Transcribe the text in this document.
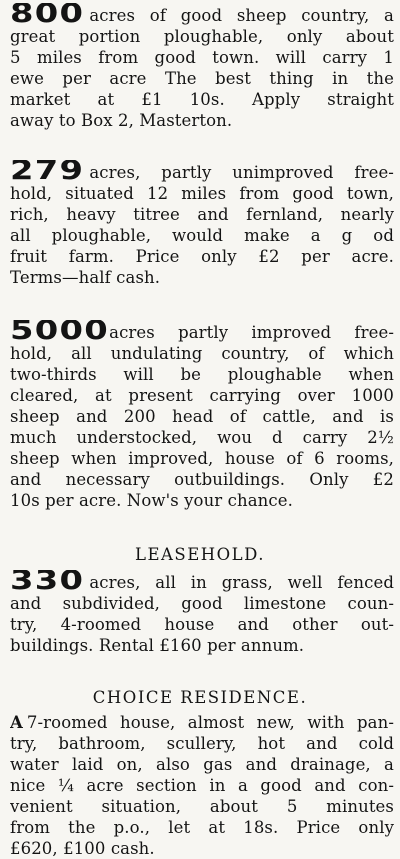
800 acres of good sheep country, a
great portion ploughable, only about
5 miles from good town. will carry 1
ewe per acre The best thing in the
market at £1 10s. Apply straight
away to Box 2, Masterton.
279 acres, partly unimproved free-
hold, situated 12 miles from good town,
rich, heavy titree and fernland, nearly
all ploughable, would make a g od
fruit farm. Price only £2 per acre.
Terms—half cash.
5000acres partly improved free-
hold, all undulating country, of which
two-thirds will be ploughable when
cleared, at present carrying over 1000
sheep and 200 head of cattle, and is
much understocked, wou d carry 2½
sheep when improved, house of 6 rooms,
and necessary outbuildings. Only £2
10s per acre. Now's your chance.
LEASEHOLD.
330 acres, all in grass, well fenced
and subdivided, good limestone coun-
try, 4-roomed house and other out-
buildings. Rental £160 per annum.
CHOICE RESIDENCE.
A 7-roomed house, almost new, with pan-
try, bathroom, scullery, hot and cold
water laid on, also gas and drainage, a
nice ¼ acre section in a good and con-
venient situation, about 5 minutes
from the p.o., let at 18s. Price only
£620, £100 cash.
